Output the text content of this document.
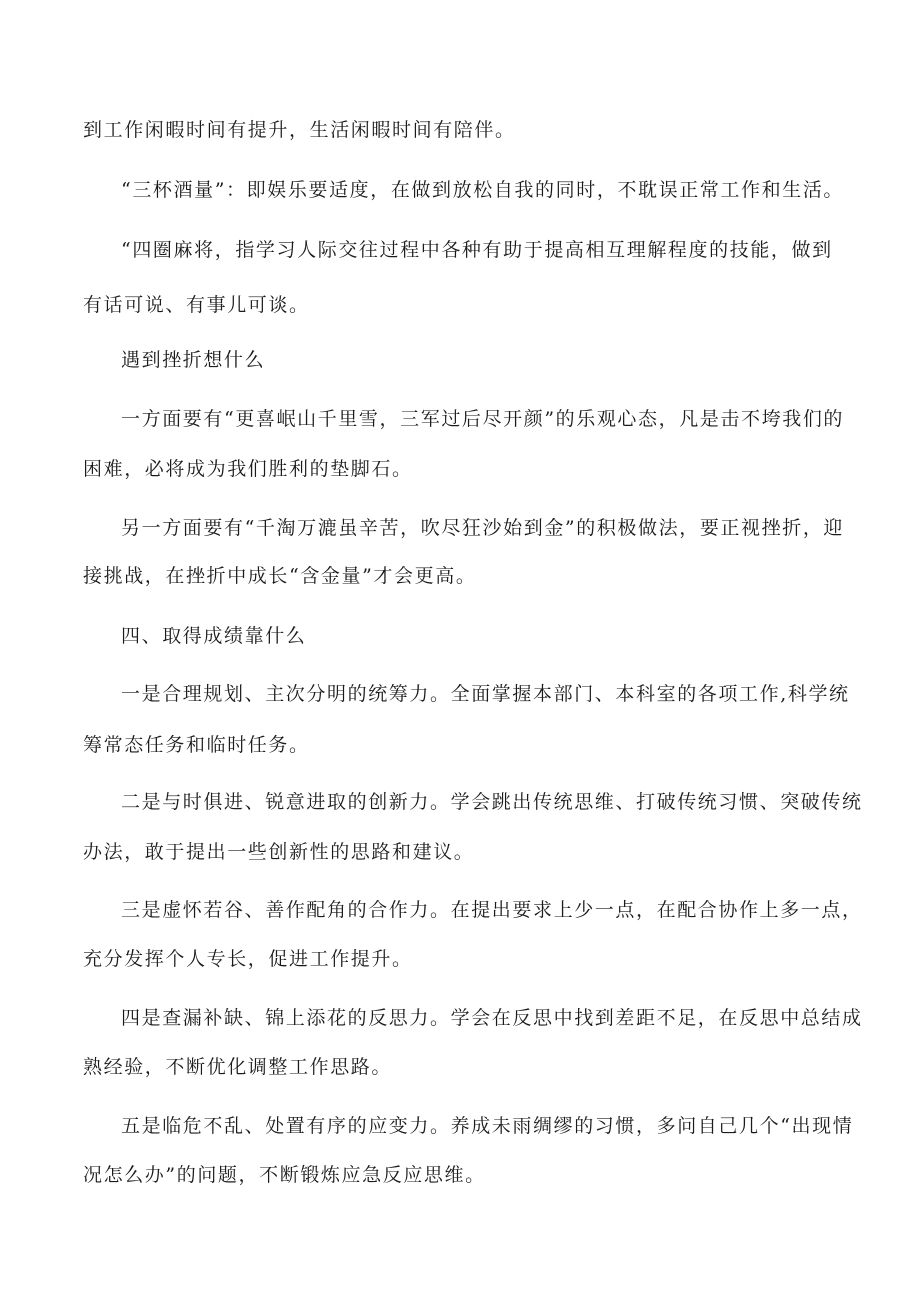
到工作闲暇时间有提升，生活闲暇时间有陪伴。

“三杯酒量”：即娱乐要适度，在做到放松自我的同时，不耽误正常工作和生活。

“四圈麻将，指学习人际交往过程中各种有助于提高相互理解程度的技能，做到

有话可说、有事儿可谈。

遇到挫折想什么

一方面要有“更喜岷山千里雪，三军过后尽开颜”的乐观心态，凡是击不垮我们的

困难，必将成为我们胜利的垫脚石。

另一方面要有“千淘万漉虽辛苦，吹尽狂沙始到金”的积极做法，要正视挫折，迎

接挑战，在挫折中成长“含金量”才会更高。

四、取得成绩靠什么

一是合理规划、主次分明的统筹力。全面掌握本部门、本科室的各项工作,科学统

筹常态任务和临时任务。

二是与时俱进、锐意进取的创新力。学会跳出传统思维、打破传统习惯、突破传统

办法，敢于提出一些创新性的思路和建议。

三是虚怀若谷、善作配角的合作力。在提出要求上少一点，在配合协作上多一点，

充分发挥个人专长，促进工作提升。

四是查漏补缺、锦上添花的反思力。学会在反思中找到差距不足，在反思中总结成

熟经验，不断优化调整工作思路。

五是临危不乱、处置有序的应变力。养成未雨绸缪的习惯，多问自己几个“出现情

况怎么办”的问题，不断锻炼应急反应思维。
